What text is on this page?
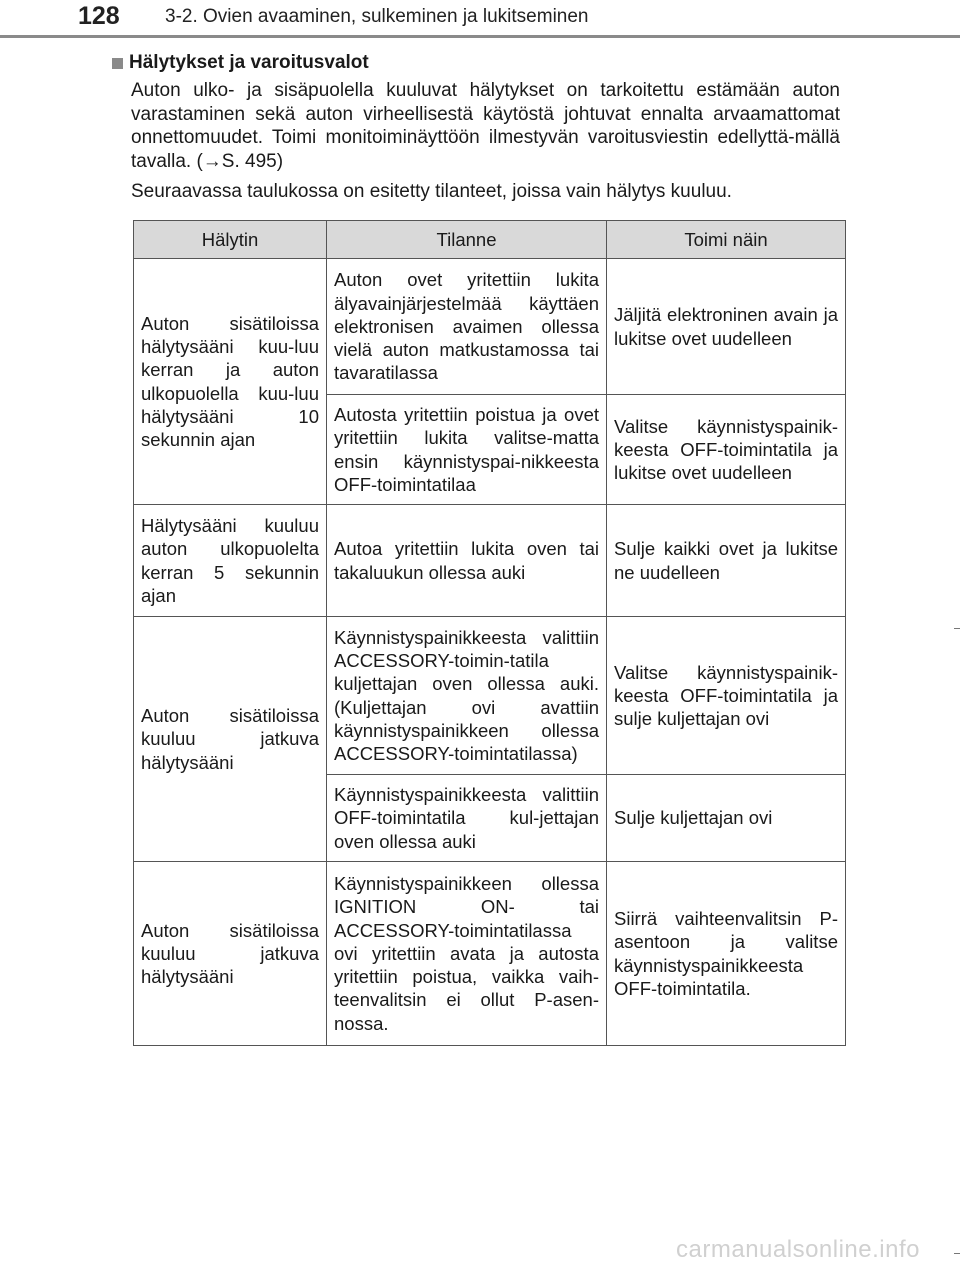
128 3-2. Ovien avaaminen, sulkeminen ja lukitseminen
Hälytykset ja varoitusvalot
Auton ulko- ja sisäpuolella kuuluvat hälytykset on tarkoitettu estämään auton varastaminen sekä auton virheellisestä käytöstä johtuvat ennalta arvaamattomat onnettomuudet. Toimi monitoiminäyttöön ilmestyvän varoitusviestin edellyttä-mällä tavalla. (→S. 495)
Seuraavassa taulukossa on esitetty tilanteet, joissa vain hälytys kuuluu.
Hälytin	Tilanne	Toimi näin
Auton sisätiloissa hälytysääni kuu-luu kerran ja auton ulkopuolella kuu-luu hälytysääni 10 sekunnin ajan	Auton ovet yritettiin lukita älyavainjärjestelmää käyttäen elektronisen avaimen ollessa vielä auton matkustamossa tai tavaratilassa	Jäljitä elektroninen avain ja lukitse ovet uudelleen
	Autosta yritettiin poistua ja ovet yritettiin lukita valitse-matta ensin käynnistyspai-nikkeesta OFF-toimintatilaa	Valitse käynnistyspainik-keesta OFF-toimintatila ja lukitse ovet uudelleen
Hälytysääni kuuluu auton ulkopuolelta kerran 5 sekunnin ajan	Autoa yritettiin lukita oven tai takaluukun ollessa auki	Sulje kaikki ovet ja lukitse ne uudelleen
Auton sisätiloissa kuuluu jatkuva hälytysääni	Käynnistyspainikkeesta valittiin ACCESSORY-toimin-tatila kuljettajan oven ollessa auki. (Kuljettajan ovi avattiin käynnistyspainikkeen ollessa ACCESSORY-toimintatilassa)	Valitse käynnistyspainik-keesta OFF-toimintatila ja sulje kuljettajan ovi
	Käynnistyspainikkeesta valittiin OFF-toimintatila kul-jettajan oven ollessa auki	Sulje kuljettajan ovi
Auton sisätiloissa kuuluu jatkuva hälytysääni	Käynnistyspainikkeen ollessa IGNITION ON- tai ACCESSORY-toimintatilassa ovi yritettiin avata ja autosta yritettiin poistua, vaikka vaih-teenvalitsin ei ollut P-asen-nossa.	Siirrä vaihteenvalitsin P-asentoon ja valitse käynnistyspainikkeesta OFF-toimintatila.
carmanualsonline.info
